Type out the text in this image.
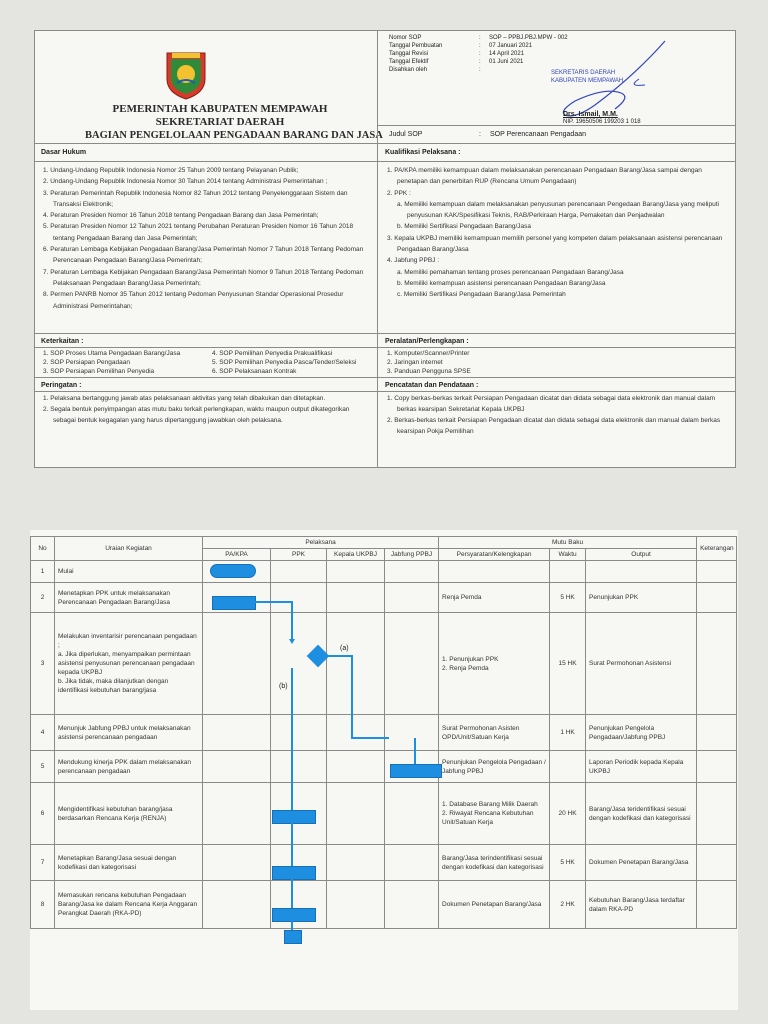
PEMERINTAH KABUPATEN MEMPAWAH
SEKRETARIAT DAERAH
BAGIAN PENGELOLAAN PENGADAAN BARANG DAN JASA
Nomor SOP	:	SOP – PPBJ.PBJ.MPW - 002
Tanggal Pembuatan	:	07 Januari 2021
Tanggal Revisi	:	14 April 2021
Tanggal Efektif	:	01 Juni 2021
Disahkan oleh	:	SEKRETARIS DAERAH
KABUPATEN MEMPAWAH
Drs. Ismail, M.M.
NIP. 19650506 199203 1 018
Judul SOP	: SOP Perencanaan Pengadaan
Dasar Hukum
1. Undang-Undang Republik Indonesia Nomor 25 Tahun 2009 tentang Pelayanan Publik;
2. Undang-Undang Republik Indonesia Nomor 30 Tahun 2014 tentang Administrasi Pemerintahan ;
3. Peraturan Pemerintah Republik Indonesia Nomor 82 Tahun 2012 tentang Penyelenggaraan Sistem dan Transaksi Elektronik;
4. Peraturan Presiden Nomor 16 Tahun 2018 tentang Pengadaan Barang dan Jasa Pemerintah;
5. Peraturan Presiden Nomor 12 Tahun 2021 tentang Perubahan Peraturan Presiden Nomor 16 Tahun 2018 tentang Pengadaan Barang dan Jasa Pemerintah;
6. Peraturan Lembaga Kebijakan Pengadaan Barang/Jasa Pemerintah Nomor 7 Tahun 2018 Tentang Pedoman Perencanaan Pengadaan Barang/Jasa Pemerintah;
7. Peraturan Lembaga Kebijakan Pengadaan Barang/Jasa Pemerintah Nomor 9 Tahun 2018 Tentang Pedoman Pelaksanaan Pengadaan Barang/Jasa Pemerintah;
8. Permen PANRB Nomor 35 Tahun 2012 tentang Pedoman Penyusunan Standar Operasional Prosedur Administrasi Pemerintahan;
Kualifikasi Pelaksana :
1. PA/KPA memiliki kemampuan dalam melaksanakan perencanaan Pengadaan Barang/Jasa sampai dengan penetapan dan penerbitan RUP (Rencana Umum Pengadaan)
2. PPK :
a. Memiliki kemampuan dalam melaksanakan penyusunan perencanaan Pengedaan Barang/Jasa yang meliputi penyusunan KAK/Spesifikasi Teknis, RAB/Perkiraan Harga, Pemaketan dan Penjadwalan
b. Memiliki Sertifikasi Pengadaan Barang/Jasa
3. Kepala UKPBJ memiliki kemampuan memilih personel yang kompeten dalam pelaksanaan asistensi perencanaan Pengadaan Barang/Jasa
4. Jabfung PPBJ :
a. Memiliki pemahaman tentang proses perencanaan Pengadaan Barang/Jasa
b. Memiliki kemampuan asistensi perencanaan Pengadaan Barang/Jasa
c. Memiliki Sertifikasi Pengadaan Barang/Jasa Pemerintah
Keterkaitan :
1. SOP Proses Utama Pengadaan Barang/Jasa
2. SOP Persiapan Pengadaan
3. SOP Persiapan Pemilihan Penyedia
4. SOP Pemilihan Penyedia Prakualifikasi
5. SOP Pemilihan Penyedia Pasca/Tender/Seleksi
6. SOP Pelaksanaan Kontrak
Peralatan/Perlengkapan :
1. Komputer/Scanner/Printer
2. Jaringan internet
3. Panduan Pengguna SPSE
Peringatan :
1. Pelaksana bertanggung jawab atas pelaksanaan aktivitas yang telah dibakukan dan ditetapkan.
2. Segala bentuk penyimpangan atas mutu baku terkait perlengkapan, waktu maupun output dikategorikan sebagai bentuk kegagalan yang harus dipertanggung jawabkan oleh pelaksana.
Pencatatan dan Pendataan :
1. Copy berkas-berkas terkait Persiapan Pengadaan dicatat dan didata sebagai data elektronik dan manual dalam berkas kearsipan Sekretariat Kepala UKPBJ
2. Berkas-berkas terkait Persiapan Pengadaan dicatat dan didata sebagai data elektronik dan manual dalam berkas kearsipan Pokja Pemilihan
No	Uraian Kegiatan	Pelaksana				Mutu Baku			Keterangan
		PA/KPA	PPK	Kepala UKPBJ	Jabfung PPBJ	Persyaratan/Kelengkapan	Waktu	Output	
1	Mulai								
2	Menetapkan PPK untuk melaksanakan Perencanaan Pengadaan Barang/Jasa					Renja Pemda	5 HK	Penunjukan PPK	
3	Melakukan inventarisir perencanaan pengadaan ;
a. Jika diperlukan, menyampaikan permintaan asistensi penyusunan perencanaan pengadaan kepada UKPBJ
b. Jika tidak, maka dilanjutkan dengan identifikasi kebutuhan barang/jasa					1. Penunjukan PPK
2. Renja Pemda	15 HK	Surat Permohonan Asistensi	
4	Menunjuk Jabfung PPBJ untuk melaksanakan asistensi perencanaan pengadaan					Surat Permohonan Asisten OPD/Unit/Satuan Kerja	1 HK	Penunjukan Pengelola Pengadaan/Jabfung PPBJ	
5	Mendukung kinerja PPK dalam melaksanakan perencanaan pengadaan					Penunjukan Pengelola Pengadaan / Jabfung PPBJ		Laporan Periodik kepada Kepala UKPBJ	
6	Mengidentifikasi kebutuhan barang/jasa berdasarkan Rencana Kerja (RENJA)					1. Database Barang Milik Daerah
2. Riwayat Rencana Kebutuhan Unit/Satuan Kerja	20 HK	Barang/Jasa teridentifikasi sesuai dengan kodefikasi dan kategorisasi	
7	Menetapkan Barang/Jasa sesuai dengan kodefikasi dan kategorisasi					Barang/Jasa terindentifikasi sesuai dengan kodefikasi dan kategorisasi	5 HK	Dokumen Penetapan Barang/Jasa	
8	Memasukan rencana kebutuhan Pengadaan Barang/Jasa ke dalam Rencana Kerja Anggaran Perangkat Daerah (RKA-PD)					Dokumen Penetapan Barang/Jasa	2 HK	Kebutuhan Barang/Jasa terdaftar dalam RKA-PD	
(a)
(b)
